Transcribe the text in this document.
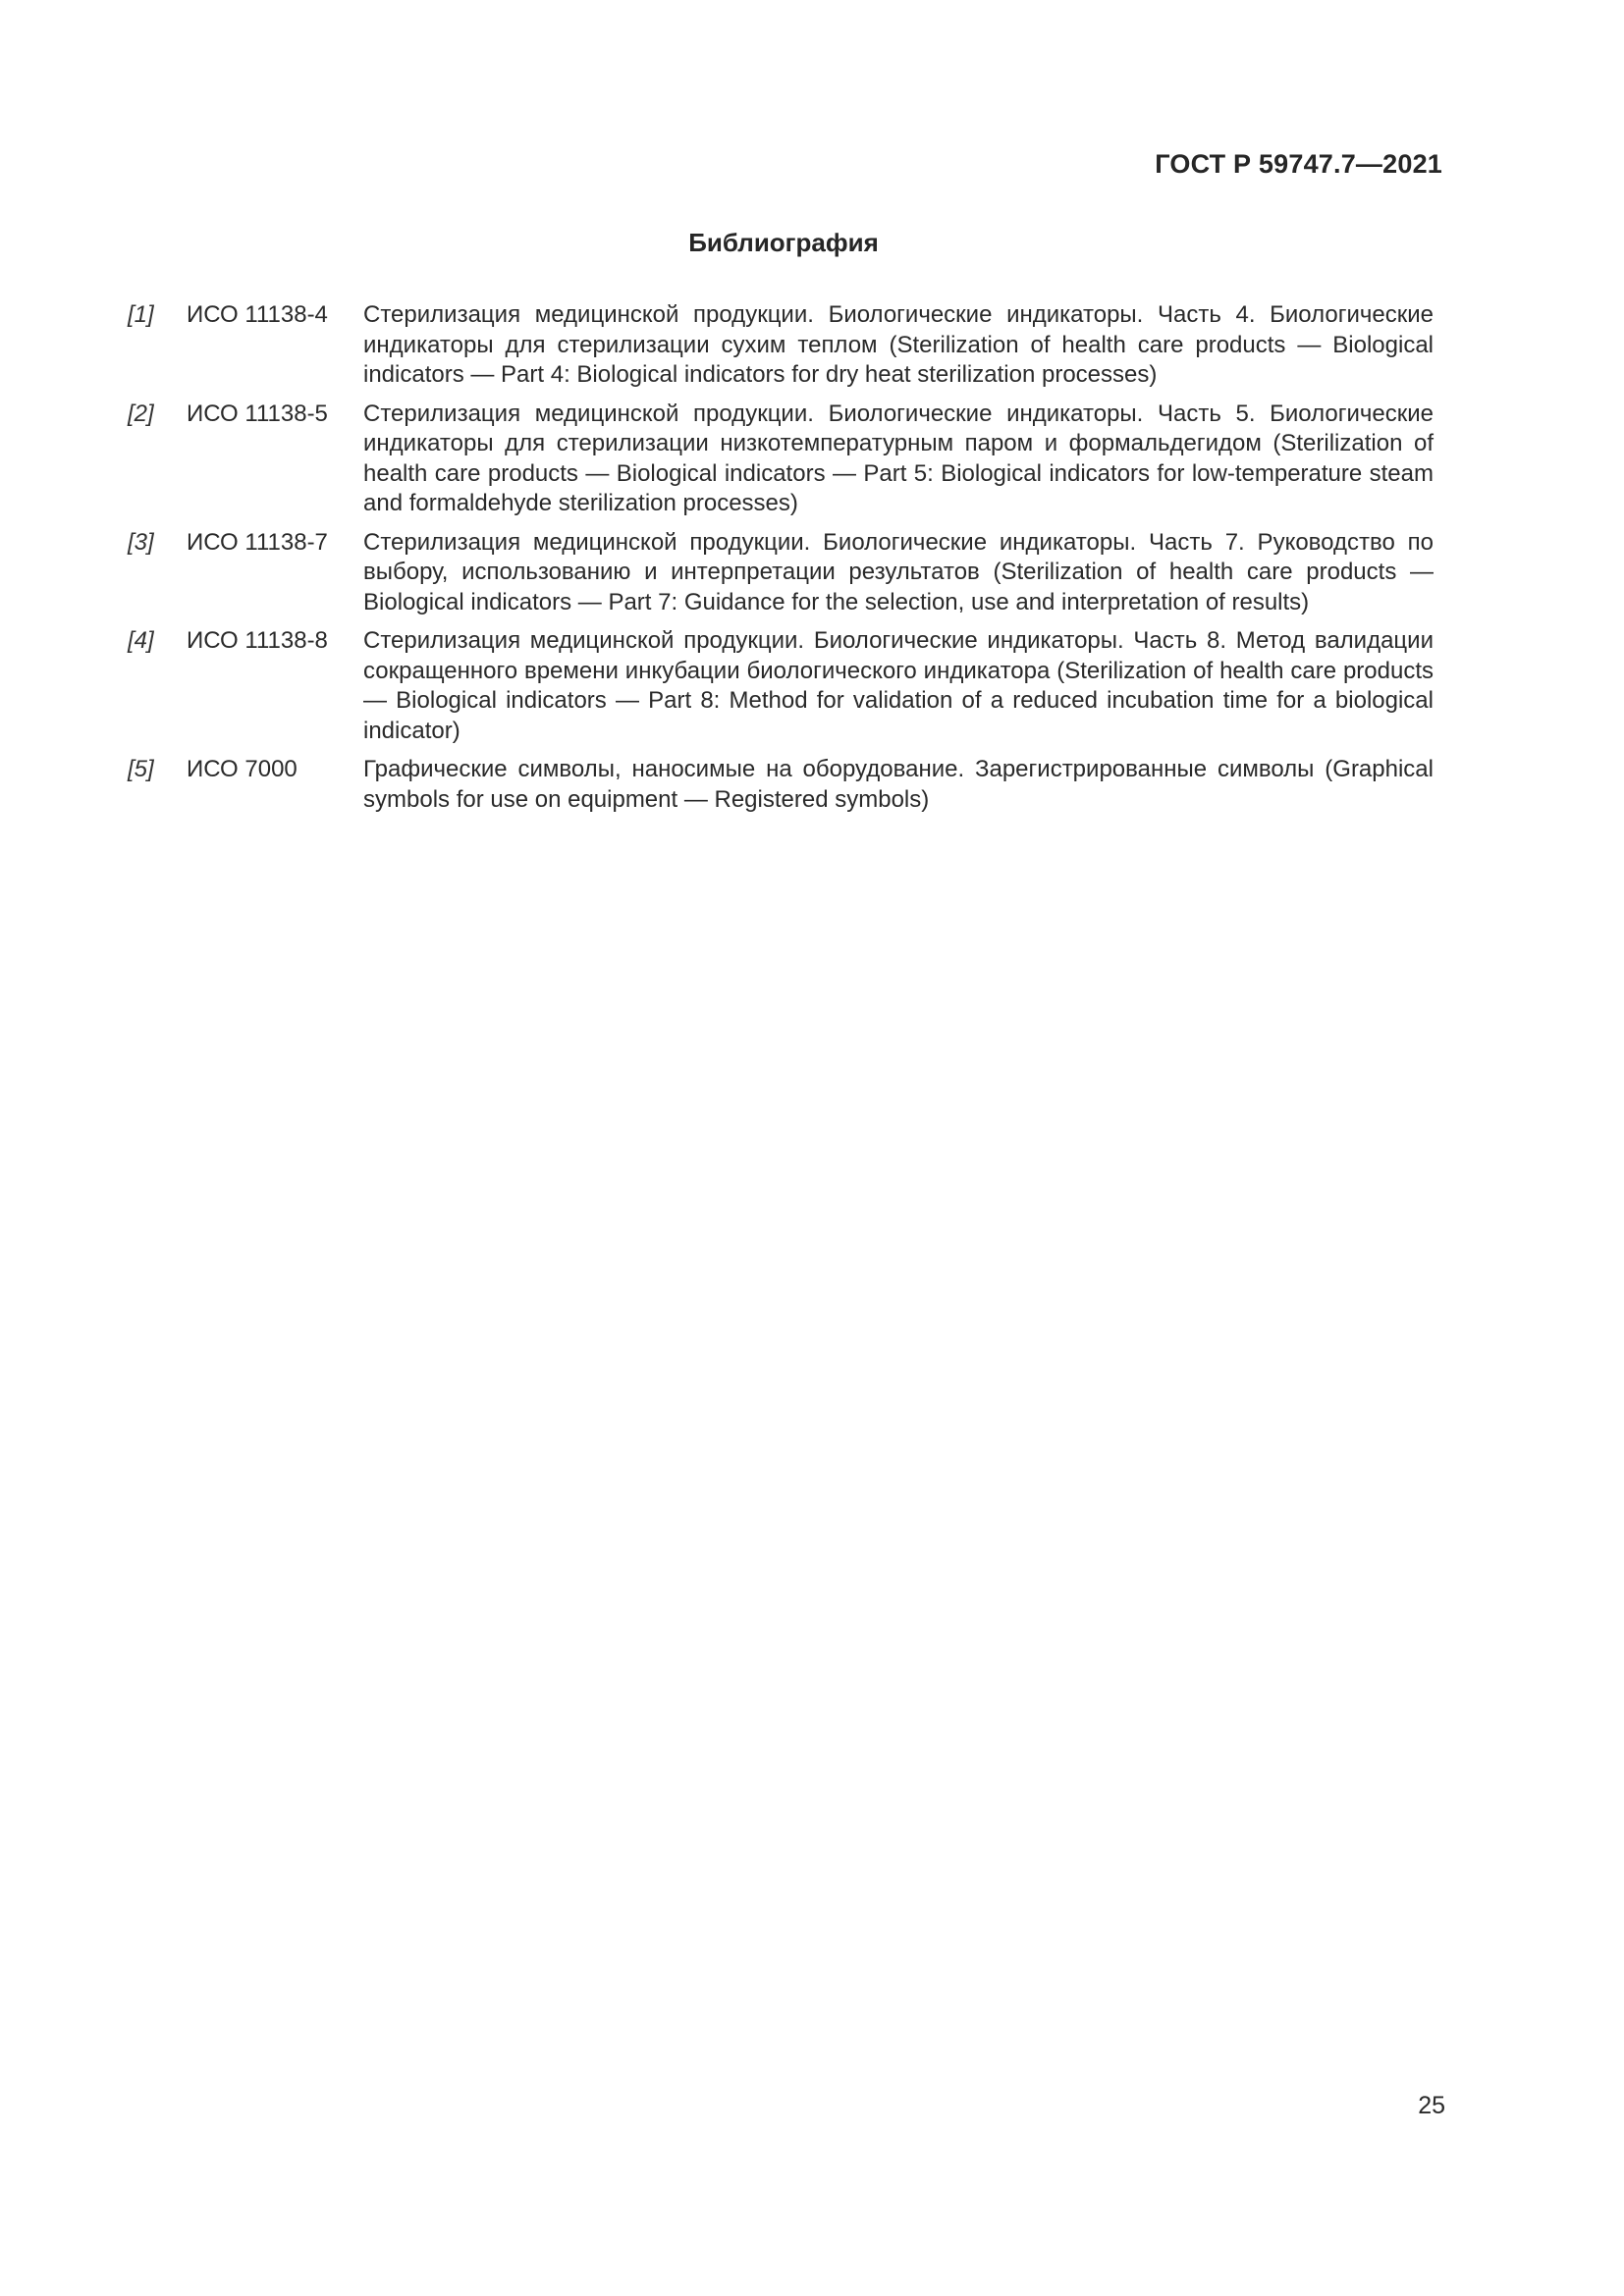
ГОСТ Р 59747.7—2021
Библиография
[1]	ИСО 11138-4	Стерилизация медицинской продукции. Биологические индикаторы. Часть 4. Биологические индикаторы для стерилизации сухим теплом (Sterilization of health care products — Biological indicators — Part 4: Biological indicators for dry heat sterilization processes)
[2]	ИСО 11138-5	Стерилизация медицинской продукции. Биологические индикаторы. Часть 5. Биологические индикаторы для стерилизации низкотемпературным паром и формальдегидом (Sterilization of health care products — Biological indicators — Part 5: Biological indicators for low-temperature steam and formaldehyde sterilization processes)
[3]	ИСО 11138-7	Стерилизация медицинской продукции. Биологические индикаторы. Часть 7. Руководство по выбору, использованию и интерпретации результатов (Sterilization of health care products — Biological indicators — Part 7: Guidance for the selection, use and interpretation of results)
[4]	ИСО 11138-8	Стерилизация медицинской продукции. Биологические индикаторы. Часть 8. Метод валидации сокращенного времени инкубации биологического индикатора (Sterilization of health care products — Biological indicators — Part 8: Method for validation of a reduced incubation time for a biological indicator)
[5]	ИСО 7000	Графические символы, наносимые на оборудование. Зарегистрированные символы (Graphical symbols for use on equipment — Registered symbols)
25
